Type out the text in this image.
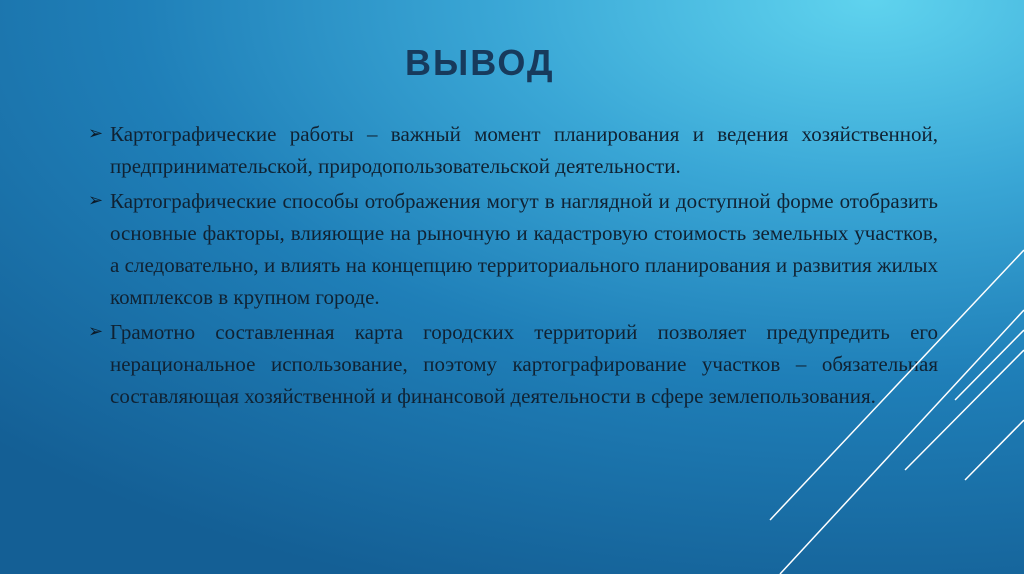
ВЫВОД
➢ Картографические работы – важный момент планирования и ведения хозяйственной, предпринимательской, природопользовательской деятельности.
➢ Картографические способы отображения могут в наглядной и доступной форме отобразить основные факторы, влияющие на рыночную и кадастровую стоимость земельных участков, а следовательно, и влиять на концепцию территориального планирования и развития жилых комплексов в крупном городе.
➢ Грамотно составленная карта городских территорий позволяет предупредить его нерациональное использование, поэтому картографирование участков – обязательная составляющая хозяйственной и финансовой деятельности в сфере землепользования.
